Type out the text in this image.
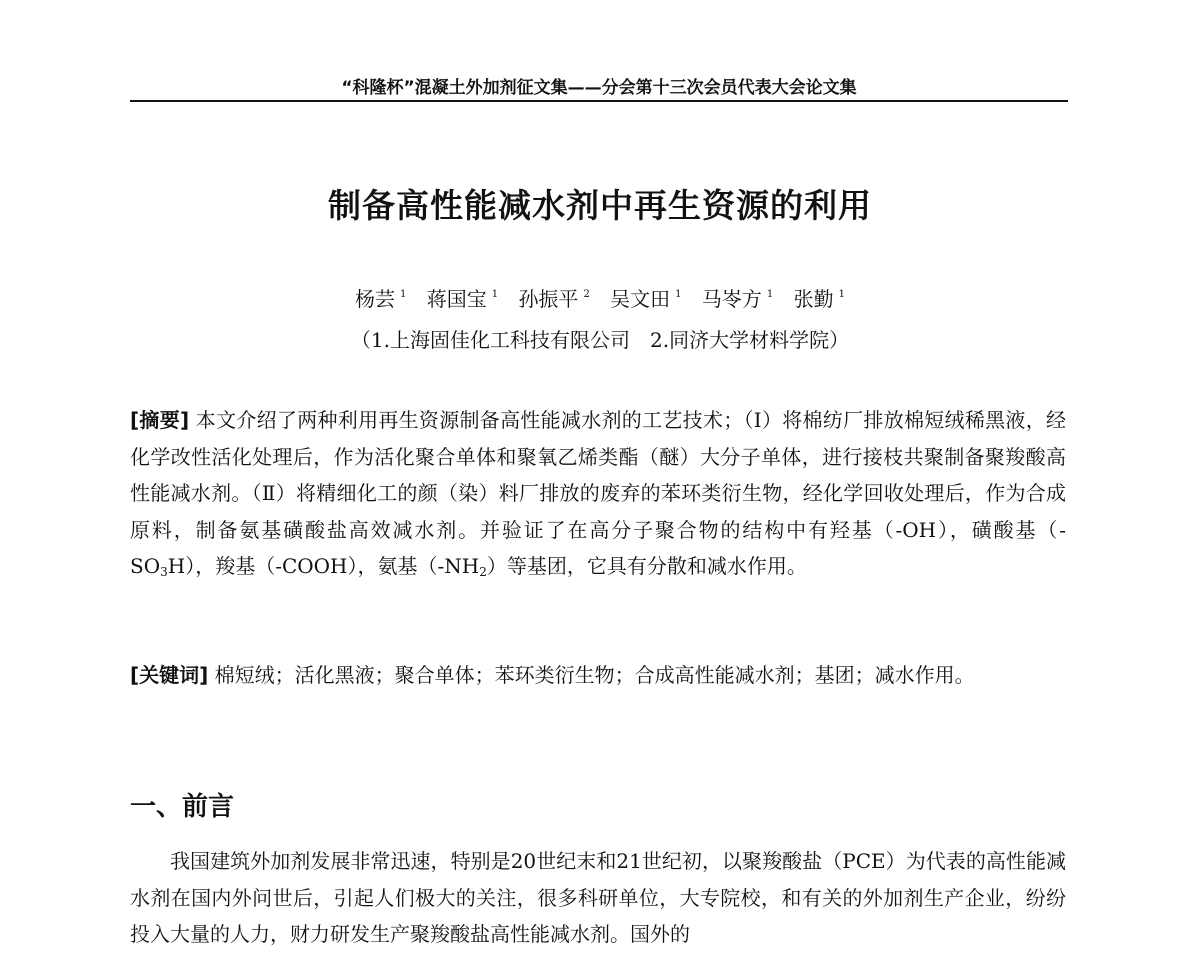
“科隆杯”混凝土外加剂征文集——分会第十三次会员代表大会论文集
制备高性能减水剂中再生资源的利用
杨芸 $^1$ 蒋国宝 $^1$ 孙振平 $^2$ 吴文田 $^1$ 马岺方 $^1$ 张勤 $^1$
（1.上海固佳化工科技有限公司　2.同济大学材料学院）
[摘要] 本文介绍了两种利用再生资源制备高性能减水剂的工艺技术；（Ⅰ）将棉纺厂排放棉短绒稀黑液，经化学改性活化处理后，作为活化聚合单体和聚氧乙烯类酯（醚）大分子单体，进行接枝共聚制备聚羧酸高性能减水剂。（Ⅱ）将精细化工的颜（染）料厂排放的废弃的苯环类衍生物，经化学回收处理后，作为合成原料，制备氨基磺酸盐高效减水剂。并验证了在高分子聚合物的结构中有羟基（-OH），磺酸基$(-SO_3H)$，羧基（-COOH），氨基$(-NH_2)$等基团，它具有分散和减水作用。
[关键词] 棉短绒；活化黑液；聚合单体；苯环类衍生物；合成高性能减水剂；基团；减水作用。
一、前言
我国建筑外加剂发展非常迅速，特别是20世纪末和21世纪初，以聚羧酸盐（PCE）为代表的高性能减水剂在国内外问世后，引起人们极大的关注，很多科研单位，大专院校，和有关的外加剂生产企业，纷纷投入大量的人力，财力研发生产聚羧酸盐高性能减水剂。国外的
